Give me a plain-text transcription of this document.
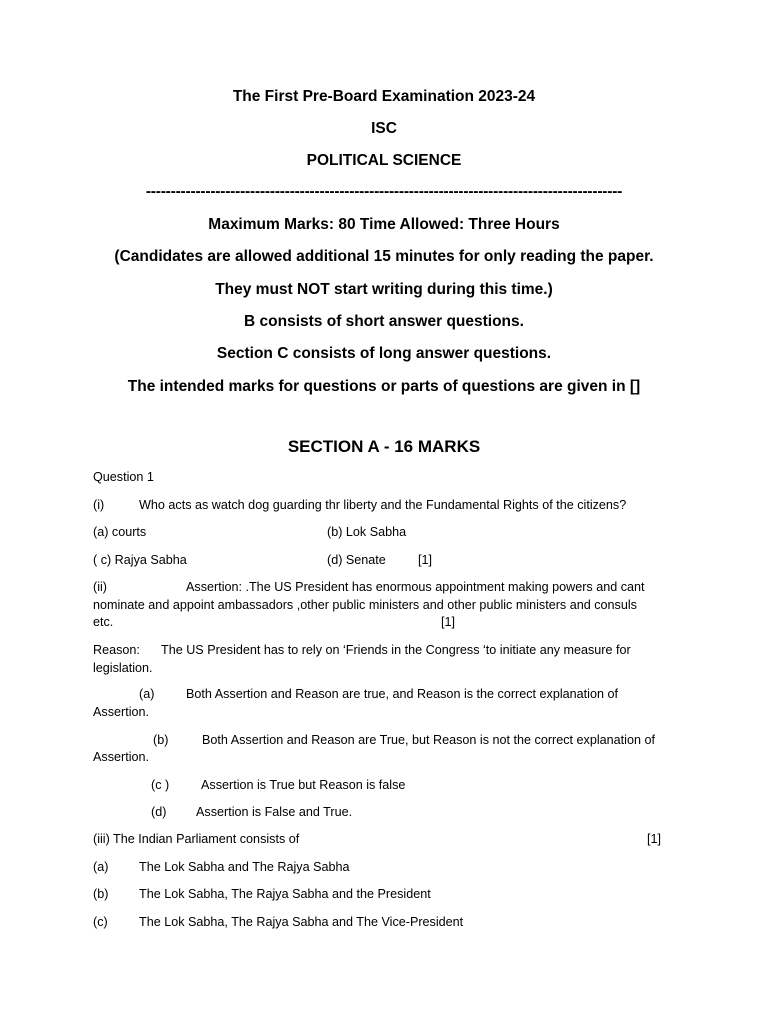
The First Pre-Board Examination 2023-24
ISC
POLITICAL SCIENCE
------------------------------------------------------------------------------------------------
Maximum Marks: 80 Time Allowed: Three Hours
(Candidates are allowed additional 15 minutes for only reading the paper.
They must NOT start writing during this time.)
B consists of short answer questions.
Section C consists of long answer questions.
The intended marks for questions or parts of questions are given in []
SECTION A - 16 MARKS
Question 1
(i)	Who acts as watch dog guarding thr liberty and the Fundamental Rights of the citizens?
(a) courts	(b) Lok Sabha
( c) Rajya Sabha	(d) Senate	[1]
(ii)	Assertion: .The US President has enormous appointment making powers and cant
nominate and appoint ambassadors ,other public ministers and other public ministers and consuls
etc.	[1]
Reason: The US President has to rely on ‘Friends in the Congress ‘to initiate any measure for
legislation.
(a)	Both Assertion and Reason are true, and Reason is the correct explanation of
Assertion.
(b)	Both Assertion and Reason are True, but Reason is not the correct explanation of
Assertion.
(c )	Assertion is True but Reason is false
(d) Assertion is False and True.
(iii) The Indian Parliament consists of	[1]
(a) The Lok Sabha and The Rajya Sabha
(b) The Lok Sabha, The Rajya Sabha and the President
(c) The Lok Sabha, The Rajya Sabha and The Vice-President
